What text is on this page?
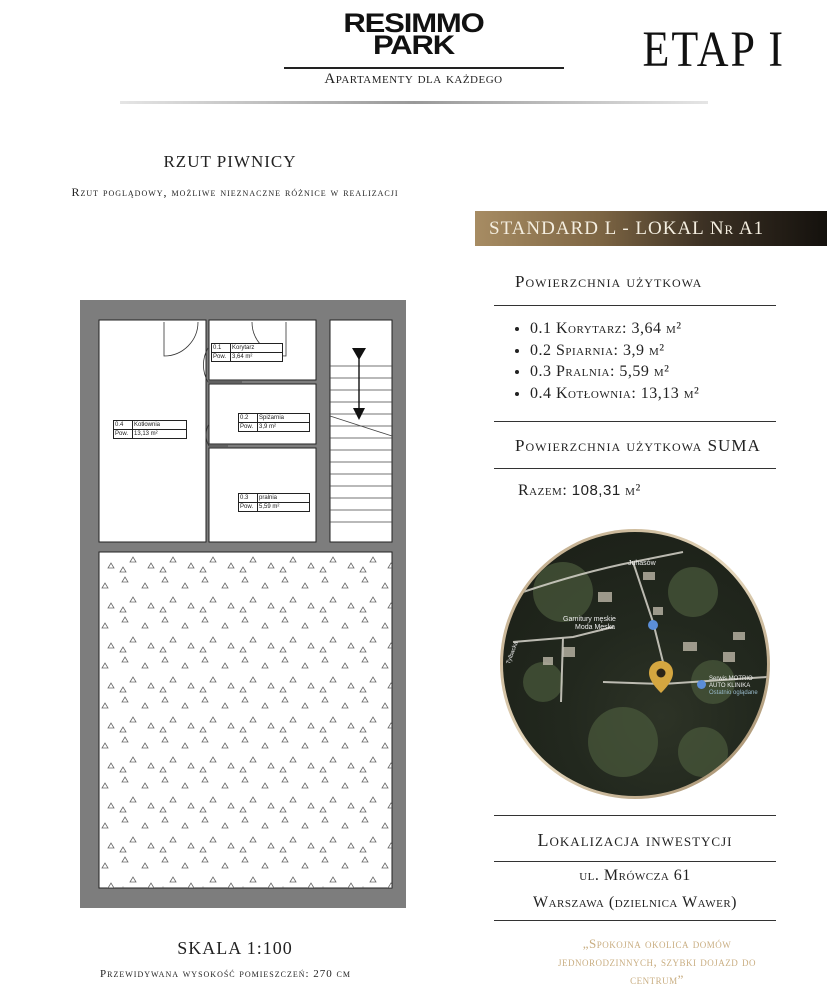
RESIMMO
PARK
Apartamenty dla każdego
ETAP I
RZUT PIWNICY
Rzut poglądowy, możliwe nieznaczne różnice w realizacji
0.1	Korytarz
Pow. 3,64 m²
0.2	Spiżarnia
Pow. 3,9 m²
0.3	pralnia
Pow. 5,59 m²
0.4	Kotłownia
Pow. 13,13 m²
SKALA 1:100
Przewidywana wysokość pomieszczeń: 270 cm
STANDARD L - LOKAL Nr A1
Powierzchnia użytkowa
• 0.1 Korytarz: 3,64 m²
• 0.2 Spiarnia: 3,9 m²
• 0.3 Pralnia: 5,59 m²
• 0.4 Kotłownia: 13,13 m²
Powierzchnia użytkowa SUMA
Razem: 108,31 m²
Juhasów
Garnitury męskie
Moda Męska
Serwis MOTRIO
AUTO KLINIKA
Ostatnio oglądane
Tylbacka
Lokalizacja inwestycji
ul. Mrówcza 61
Warszawa (dzielnica Wawer)
„Spokojna okolica domów
jednorodzinnych, szybki dojazd do
centrum”
